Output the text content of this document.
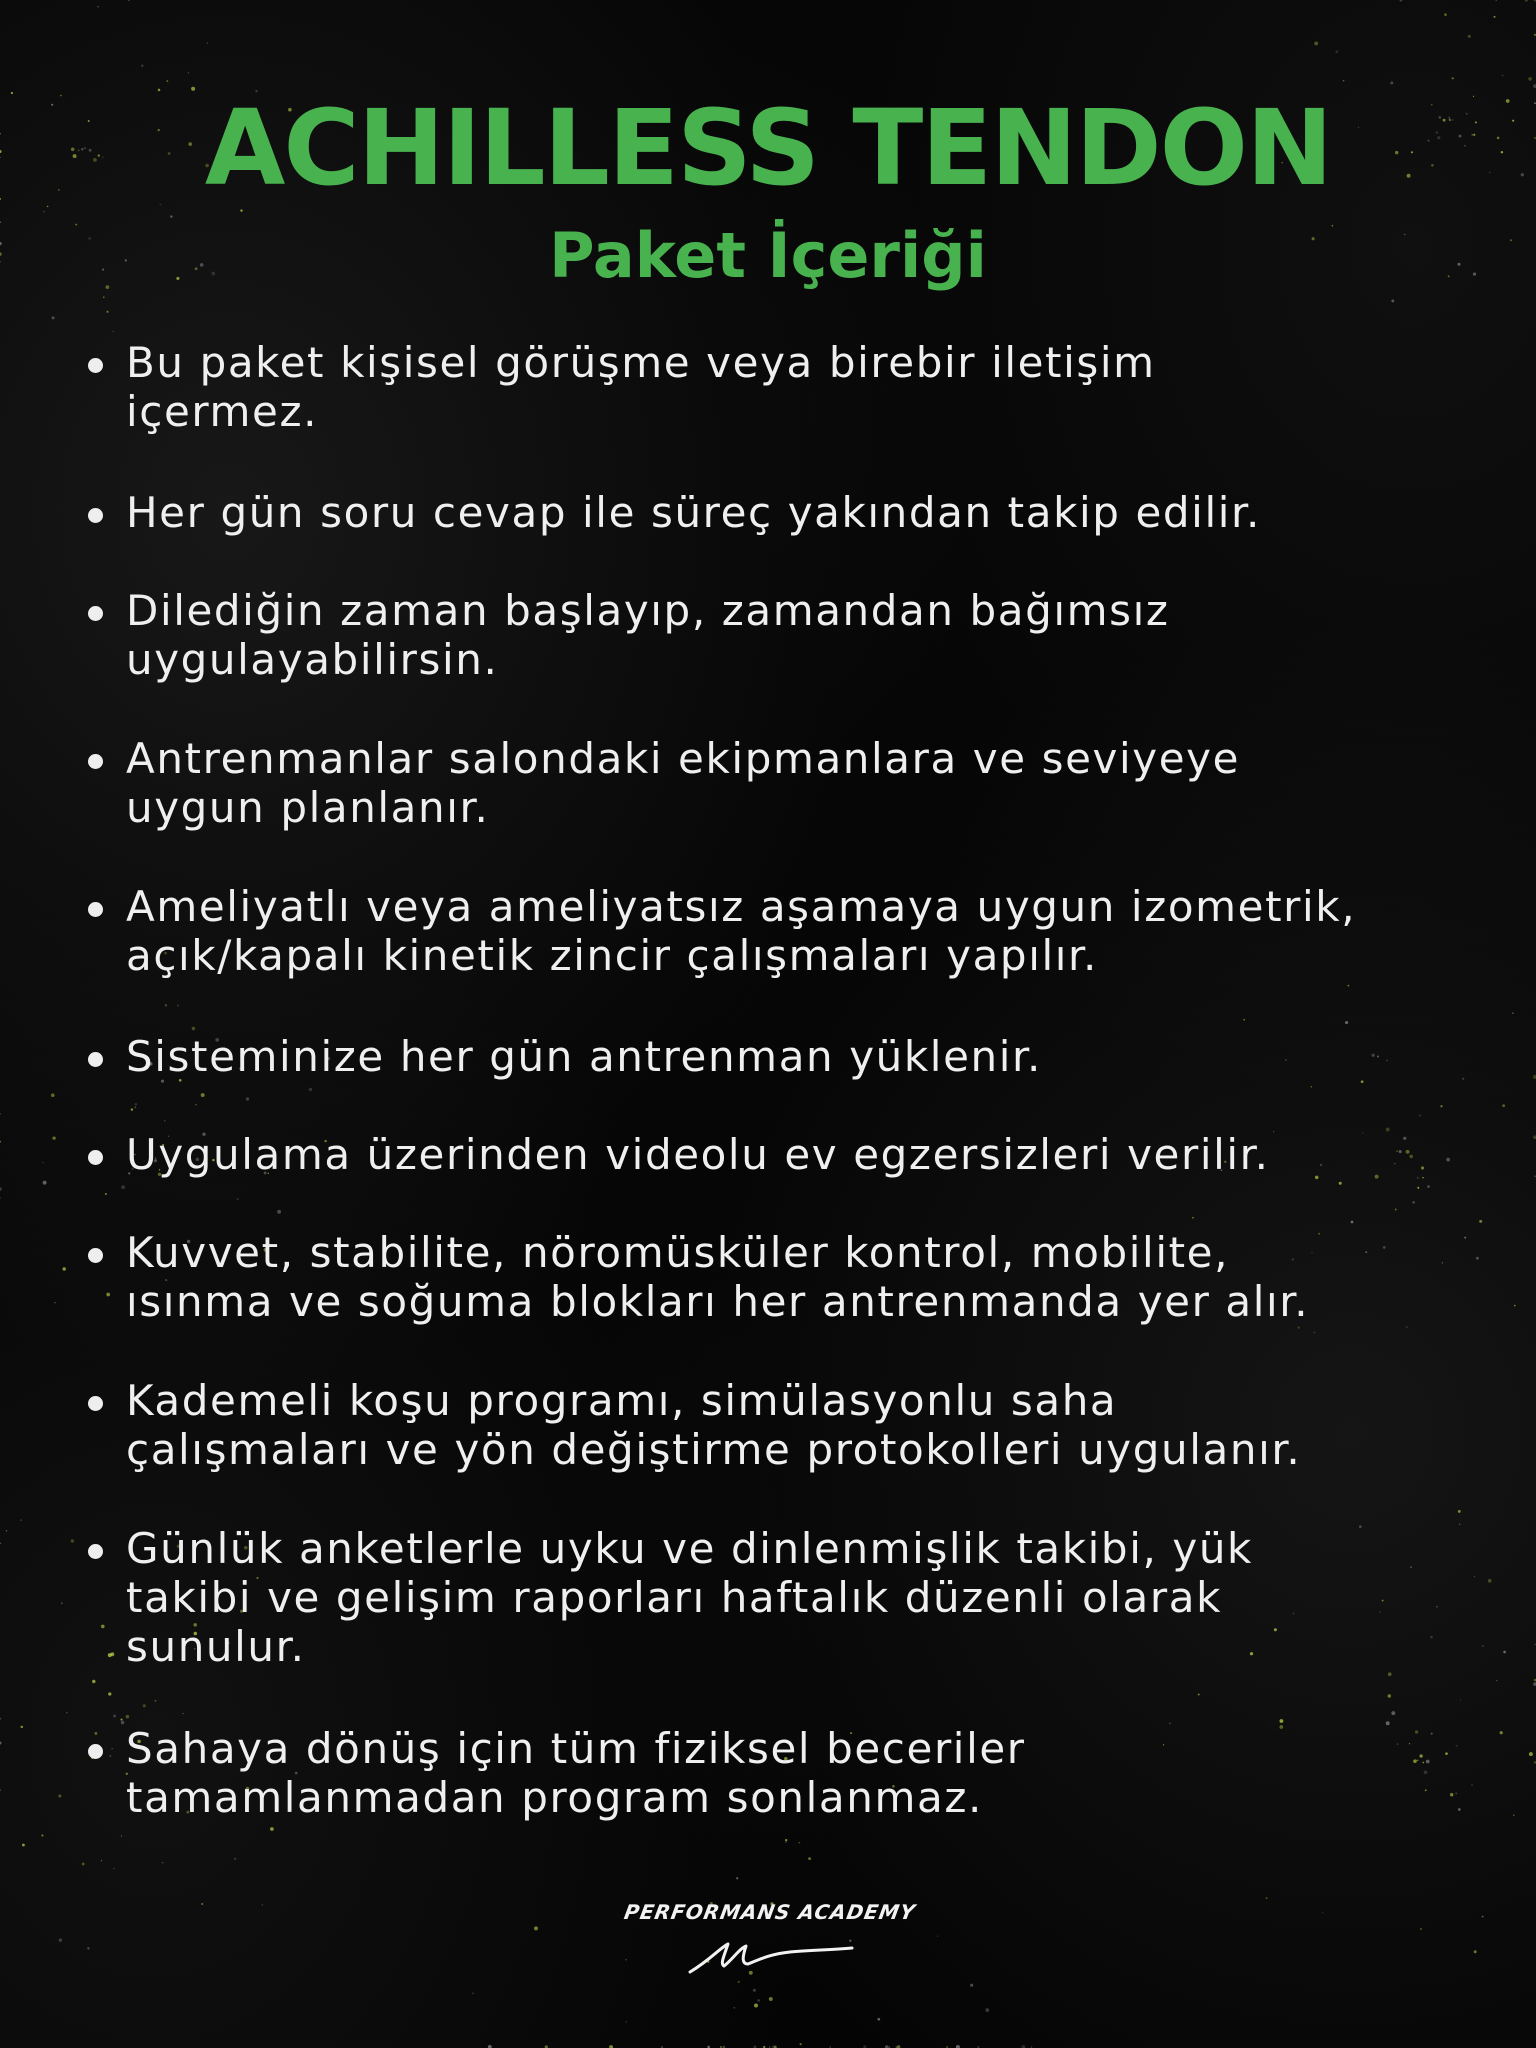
ACHILLESS TENDON
Paket İçeriği
Bu paket kişisel görüşme veya birebir iletişim
içermez.
Her gün soru cevap ile süreç yakından takip edilir.
Dilediğin zaman başlayıp, zamandan bağımsız
uygulayabilirsin.
Antrenmanlar salondaki ekipmanlara ve seviyeye
uygun planlanır.
Ameliyatlı veya ameliyatsız aşamaya uygun izometrik,
açık/kapalı kinetik zincir çalışmaları yapılır.
Sisteminize her gün antrenman yüklenir.
Uygulama üzerinden videolu ev egzersizleri verilir.
Kuvvet, stabilite, nöromüsküler kontrol, mobilite,
ısınma ve soğuma blokları her antrenmanda yer alır.
Kademeli koşu programı, simülasyonlu saha
çalışmaları ve yön değiştirme protokolleri uygulanır.
Günlük anketlerle uyku ve dinlenmişlik takibi, yük
takibi ve gelişim raporları haftalık düzenli olarak
sunulur.
Sahaya dönüş için tüm fiziksel beceriler
tamamlanmadan program sonlanmaz.
PERFORMANS ACADEMY
